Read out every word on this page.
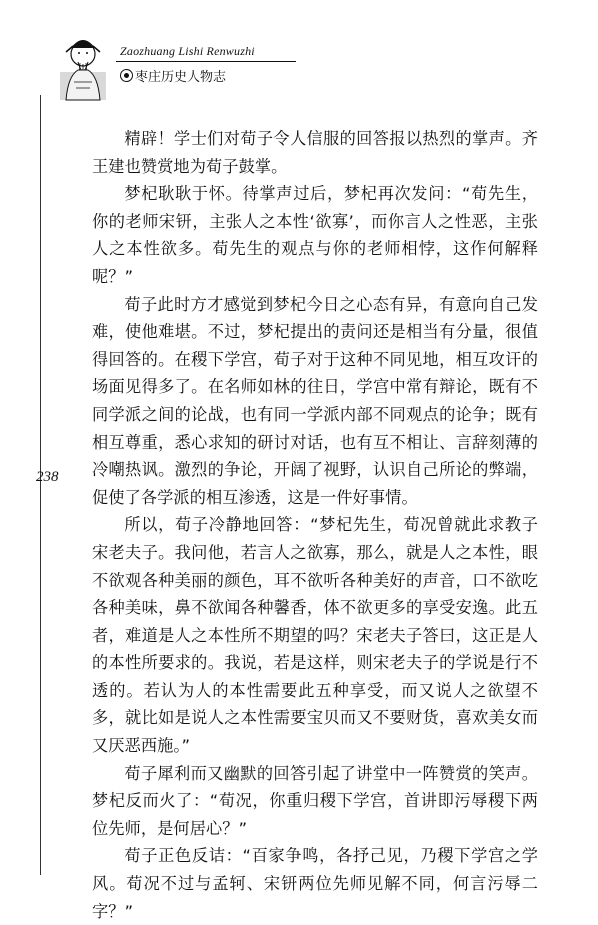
Zaozhuang Lishi Renwuzhi
枣庄历史人物志
238

精辟！学士们对荀子令人信服的回答报以热烈的掌声。齐王建也赞赏地为荀子鼓掌。

梦杞耿耿于怀。待掌声过后，梦杞再次发问：“荀先生，你的老师宋钘，主张人之本性‘欲寡’，而你言人之性恶，主张人之本性欲多。荀先生的观点与你的老师相悖，这作何解释呢？”

荀子此时方才感觉到梦杞今日之心态有异，有意向自己发难，使他难堪。不过，梦杞提出的责问还是相当有分量，很值得回答的。在稷下学宫，荀子对于这种不同见地，相互攻讦的场面见得多了。在名师如林的往日，学宫中常有辩论，既有不同学派之间的论战，也有同一学派内部不同观点的论争；既有相互尊重，悉心求知的研讨对话，也有互不相让、言辞刻薄的冷嘲热讽。激烈的争论，开阔了视野，认识自己所论的弊端，促使了各学派的相互渗透，这是一件好事情。

所以，荀子冷静地回答：“梦杞先生，荀况曾就此求教子宋老夫子。我问他，若言人之欲寡，那么，就是人之本性，眼不欲观各种美丽的颜色，耳不欲听各种美好的声音，口不欲吃各种美味，鼻不欲闻各种馨香，体不欲更多的享受安逸。此五者，难道是人之本性所不期望的吗？宋老夫子答曰，这正是人的本性所要求的。我说，若是这样，则宋老夫子的学说是行不透的。若认为人的本性需要此五种享受，而又说人之欲望不多，就比如是说人之本性需要宝贝而又不要财货，喜欢美女而又厌恶西施。”

荀子犀利而又幽默的回答引起了讲堂中一阵赞赏的笑声。梦杞反而火了：“荀况，你重归稷下学宫，首讲即污辱稷下两位先师，是何居心？”

荀子正色反诘：“百家争鸣，各抒己见，乃稷下学宫之学风。荀况不过与孟轲、宋钘两位先师见解不同，何言污辱二字？”
